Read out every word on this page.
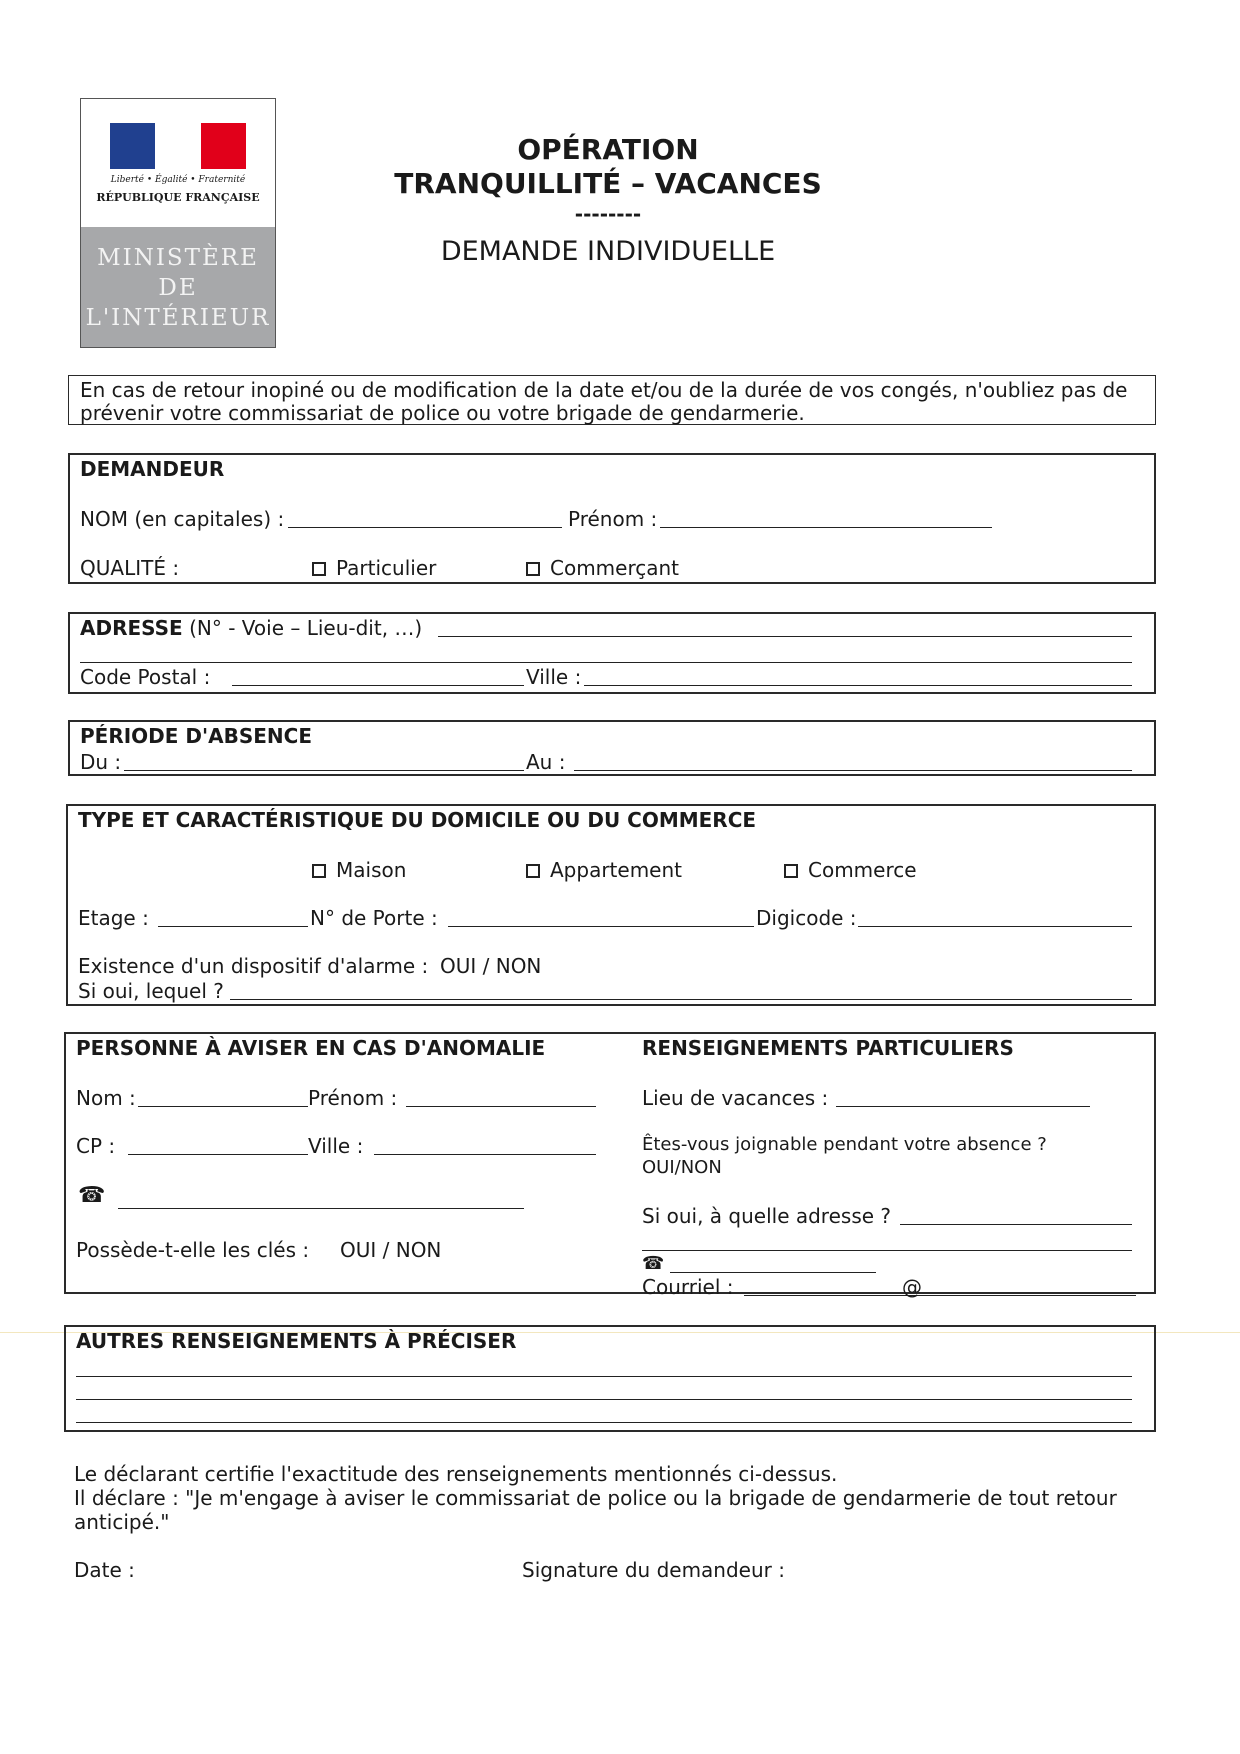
Liberté • Égalité • Fraternité
RÉPUBLIQUE FRANÇAISE
MINISTÈRE
DE
L'INTÉRIEUR
OPÉRATION
TRANQUILLITÉ – VACANCES
--------
DEMANDE INDIVIDUELLE
En cas de retour inopiné ou de modification de la date et/ou de la durée de vos congés, n'oubliez pas de
prévenir votre commissariat de police ou votre brigade de gendarmerie.
DEMANDEUR
NOM (en capitales) :	Prénom :
QUALITÉ :	Particulier	Commerçant
ADRESSE (N° - Voie – Lieu-dit, …)
Code Postal :	Ville :
PÉRIODE D'ABSENCE
Du :	Au :
TYPE ET CARACTÉRISTIQUE DU DOMICILE OU DU COMMERCE
Maison	Appartement	Commerce
Etage :	N° de Porte :	Digicode :
Existence d'un dispositif d'alarme : OUI / NON
Si oui, lequel ?
PERSONNE À AVISER EN CAS D'ANOMALIE
Nom :	Prénom :
CP :	Ville :
☎
Possède-t-elle les clés : OUI / NON
RENSEIGNEMENTS PARTICULIERS
Lieu de vacances :
Êtes-vous joignable pendant votre absence ?
OUI/NON
Si oui, à quelle adresse ?
☎
Courriel :	@
AUTRES RENSEIGNEMENTS À PRÉCISER
Le déclarant certifie l'exactitude des renseignements mentionnés ci-dessus.
Il déclare : "Je m'engage à aviser le commissariat de police ou la brigade de gendarmerie de tout retour
anticipé."
Date :	Signature du demandeur :
